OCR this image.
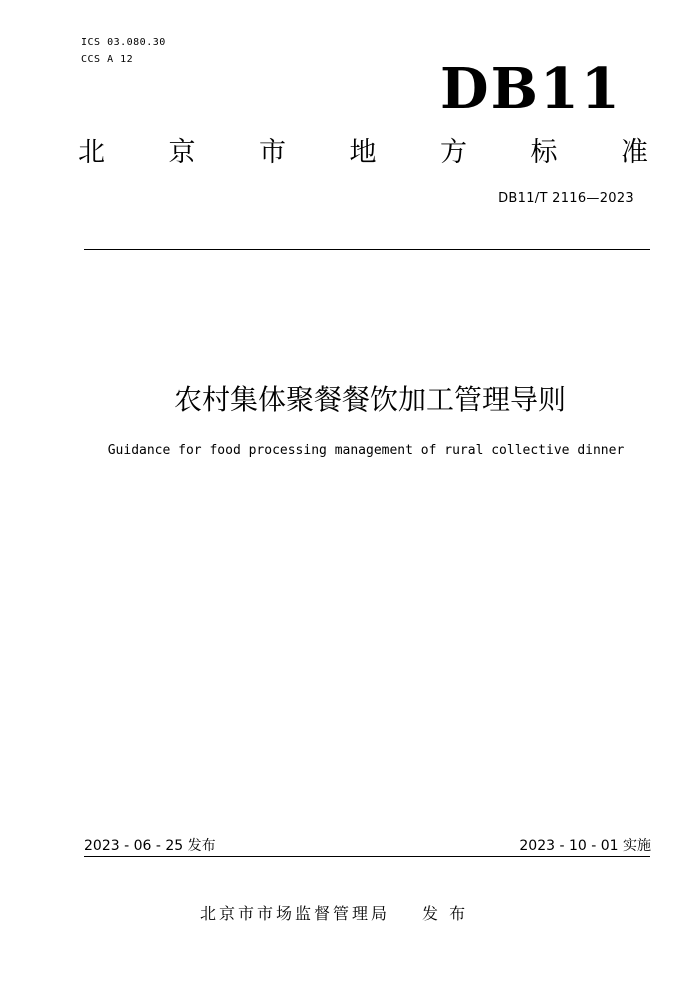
ICS 03.080.30
CCS A 12	DB11
北 京 市 地 方 标 准
DB11/T 2116—2023
农村集体聚餐餐饮加工管理导则
Guidance for food processing management of rural collective dinner
2023 - 06 - 25 发布	2023 - 10 - 01 实施
北京市市场监督管理局 发 布
